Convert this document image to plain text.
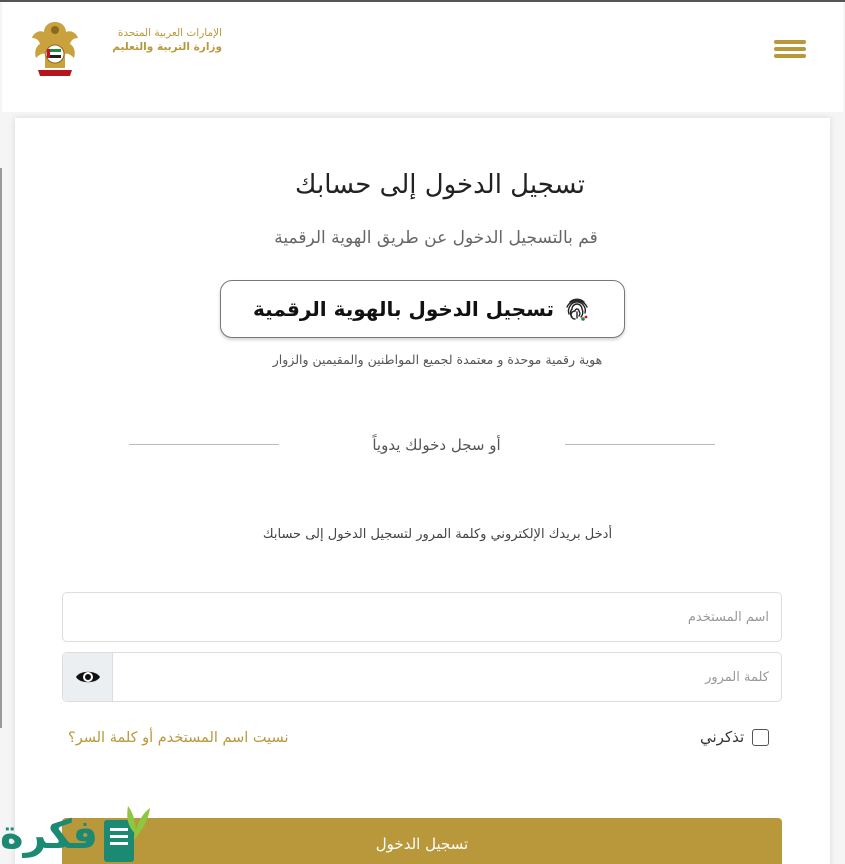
الإمارات العربية المتحدة
وزارة التربية والتعليم
تسجيل الدخول إلى حسابك
قم بالتسجيل الدخول عن طريق الهوية الرقمية
تسجيل الدخول بالهوية الرقمية
هوية رقمية موحدة و معتمدة لجميع المواطنين والمقيمين والزوار
أو سجل دخولك يدوياً
أدخل بريدك الإلكتروني وكلمة المرور لتسجيل الدخول إلى حسابك
اسم المستخدم
نسيت اسم المستخدم أو كلمة السر؟	تذكرني
تسجيل الدخول
فكرة
